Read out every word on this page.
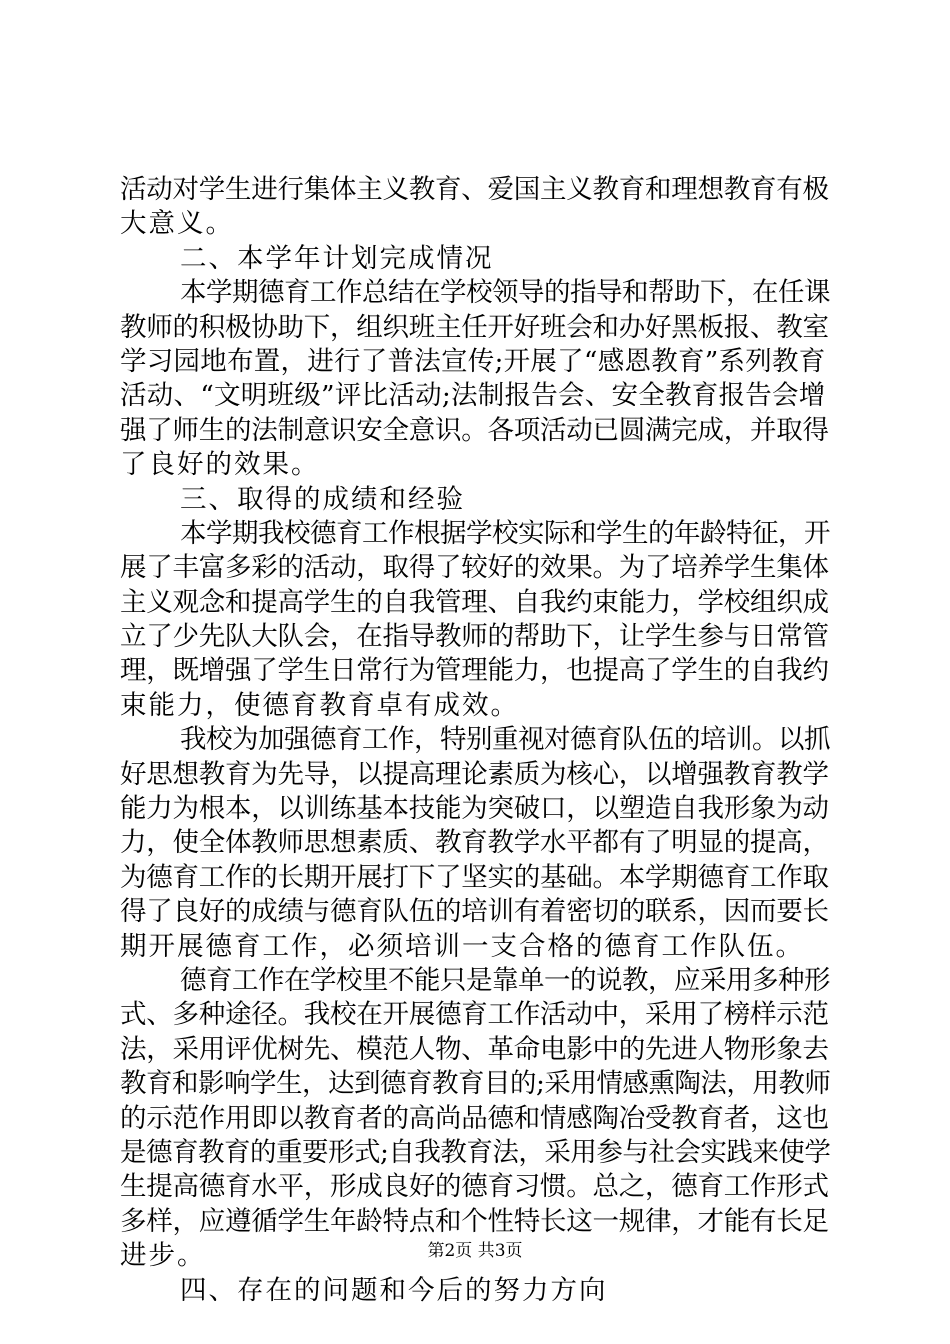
活动对学生进行集体主义教育、爱国主义教育和理想教育有极
大意义。
二、本学年计划完成情况
本学期德育工作总结在学校领导的指导和帮助下，在任课
教师的积极协助下，组织班主任开好班会和办好黑板报、教室
学习园地布置，进行了普法宣传;开展了“感恩教育”系列教育
活动、“文明班级”评比活动;法制报告会、安全教育报告会增
强了师生的法制意识安全意识。各项活动已圆满完成，并取得
了良好的效果。
三、取得的成绩和经验
本学期我校德育工作根据学校实际和学生的年龄特征，开
展了丰富多彩的活动，取得了较好的效果。为了培养学生集体
主义观念和提高学生的自我管理、自我约束能力，学校组织成
立了少先队大队会，在指导教师的帮助下，让学生参与日常管
理，既增强了学生日常行为管理能力，也提高了学生的自我约
束能力，使德育教育卓有成效。
我校为加强德育工作，特别重视对德育队伍的培训。以抓
好思想教育为先导，以提高理论素质为核心，以增强教育教学
能力为根本，以训练基本技能为突破口，以塑造自我形象为动
力，使全体教师思想素质、教育教学水平都有了明显的提高，
为德育工作的长期开展打下了坚实的基础。本学期德育工作取
得了良好的成绩与德育队伍的培训有着密切的联系，因而要长
期开展德育工作，必须培训一支合格的德育工作队伍。
德育工作在学校里不能只是靠单一的说教，应采用多种形
式、多种途径。我校在开展德育工作活动中，采用了榜样示范
法，采用评优树先、模范人物、革命电影中的先进人物形象去
教育和影响学生，达到德育教育目的;采用情感熏陶法，用教师
的示范作用即以教育者的高尚品德和情感陶冶受教育者，这也
是德育教育的重要形式;自我教育法，采用参与社会实践来使学
生提高德育水平，形成良好的德育习惯。总之，德育工作形式
多样，应遵循学生年龄特点和个性特长这一规律，才能有长足
进步。
四、存在的问题和今后的努力方向
第2页 共3页
